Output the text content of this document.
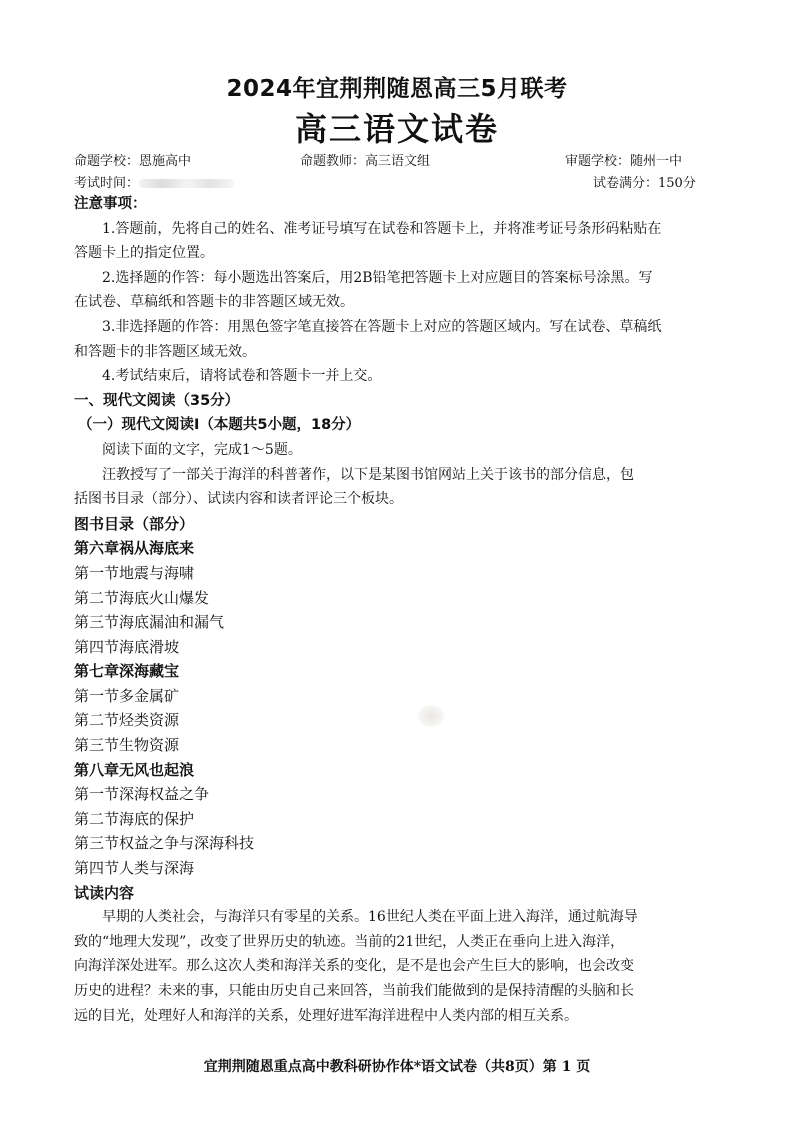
2024年宜荆荆随恩高三5月联考
高三语文试卷
命题学校：恩施高中	命题教师：高三语文组	审题学校：随州一中
考试时间：	试卷满分：150分
注意事项：
1.答题前，先将自己的姓名、准考证号填写在试卷和答题卡上，并将准考证号条形码粘贴在
答题卡上的指定位置。
2.选择题的作答：每小题选出答案后，用2B铅笔把答题卡上对应题目的答案标号涂黑。写
在试卷、草稿纸和答题卡的非答题区域无效。
3.非选择题的作答：用黑色签字笔直接答在答题卡上对应的答题区域内。写在试卷、草稿纸
和答题卡的非答题区域无效。
4.考试结束后，请将试卷和答题卡一并上交。
一、现代文阅读（35分）
（一）现代文阅读Ⅰ（本题共5小题，18分）
阅读下面的文字，完成1～5题。
汪教授写了一部关于海洋的科普著作，以下是某图书馆网站上关于该书的部分信息，包
括图书目录（部分）、试读内容和读者评论三个板块。
图书目录（部分）
第六章祸从海底来
第一节地震与海啸
第二节海底火山爆发
第三节海底漏油和漏气
第四节海底滑坡
第七章深海藏宝
第一节多金属矿
第二节烃类资源
第三节生物资源
第八章无风也起浪
第一节深海权益之争
第二节海底的保护
第三节权益之争与深海科技
第四节人类与深海
试读内容
早期的人类社会，与海洋只有零星的关系。16世纪人类在平面上进入海洋，通过航海导
致的“地理大发现”，改变了世界历史的轨迹。当前的21世纪，人类正在垂向上进入海洋，
向海洋深处进军。那么这次人类和海洋关系的变化，是不是也会产生巨大的影响，也会改变
历史的进程？未来的事，只能由历史自己来回答，当前我们能做到的是保持清醒的头脑和长
远的目光，处理好人和海洋的关系，处理好进军海洋进程中人类内部的相互关系。
宜荆荆随恩重点高中教科研协作体*语文试卷（共8页）第 1 页
